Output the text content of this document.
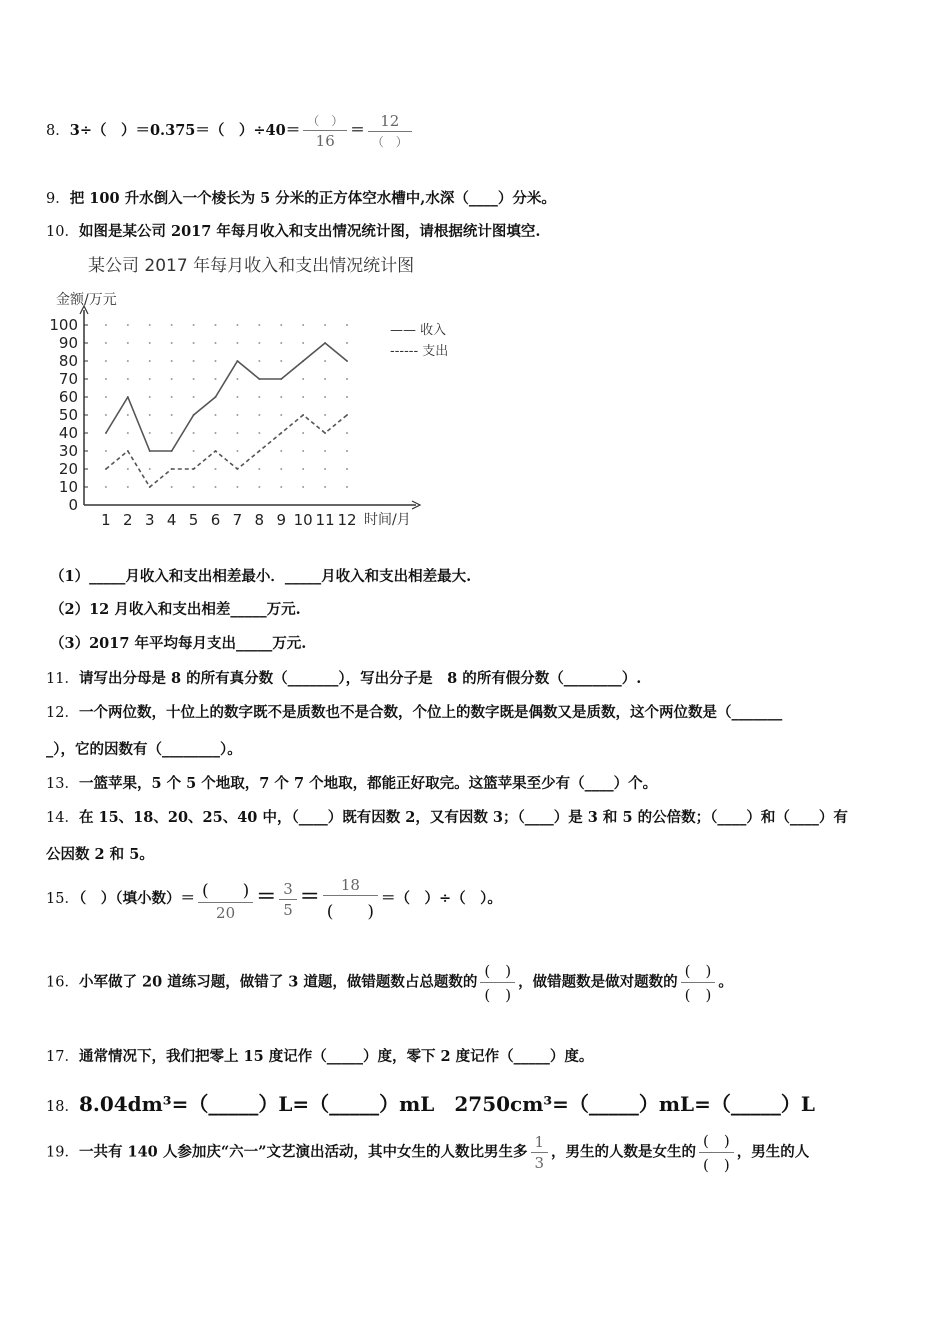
8．3÷（　）＝0.375＝（　）$\div 40= \frac{( )}{16} = \frac{12}{( )}$
9．把 100 升水倒入一个棱长为 5 分米的正方体空水槽中,水深（____）分米。
10．如图是某公司 2017 年每月收入和支出情况统计图，请根据统计图填空.
某公司 2017 年每月收入和支出情况统计图
金额/万元
时间/月
0
10
20
30
40
50
60
70
80
90
100
1 2 3 4 5 6 7 8 9 10 11 12
—— 收入
------ 支出
（1）_____月收入和支出相差最小．_____月收入和支出相差最大.
（2）12 月收入和支出相差_____万元.
（3）2017 年平均每月支出_____万元.
11．请写出分母是 8 的所有真分数（_______），写出分子是　8 的所有假分数（________）.
12．一个两位数，十位上的数字既不是质数也不是合数，个位上的数字既是偶数又是质数，这个两位数是（_______
_），它的因数有（________）。
13．一篮苹果，5 个 5 个地取，7 个 7 个地取，都能正好取完。这篮苹果至少有（____）个。
14．在 15、18、20、25、40 中，（____）既有因数 2，又有因数 3；（____）是 3 和 5 的公倍数；（____）和（____）有
公因数 2 和 5。
15．（　）（填小数）＝ $\frac{( )}{20} = \frac{3}{5} = \frac{18}{( )}$ ＝（　）÷（　）。
16．小军做了 20 道练习题，做错了 3 道题，做错题数占总题数的 $\frac{( )}{( )}$ ，做错题数是做对题数的 $\frac{( )}{( )}$ 。
17．通常情况下，我们把零上 15 度记作（_____）度，零下 2 度记作（_____）度。
18．8.04dm³=（_____）L=（_____）mL　2750cm³=（_____）mL=（_____）L
19．一共有 140 人参加庆“六一”文艺演出活动，其中女生的人数比男生多 $\frac{1}{3}$ ，男生的人数是女生的 $\frac{( )}{( )}$ ，男生的人
